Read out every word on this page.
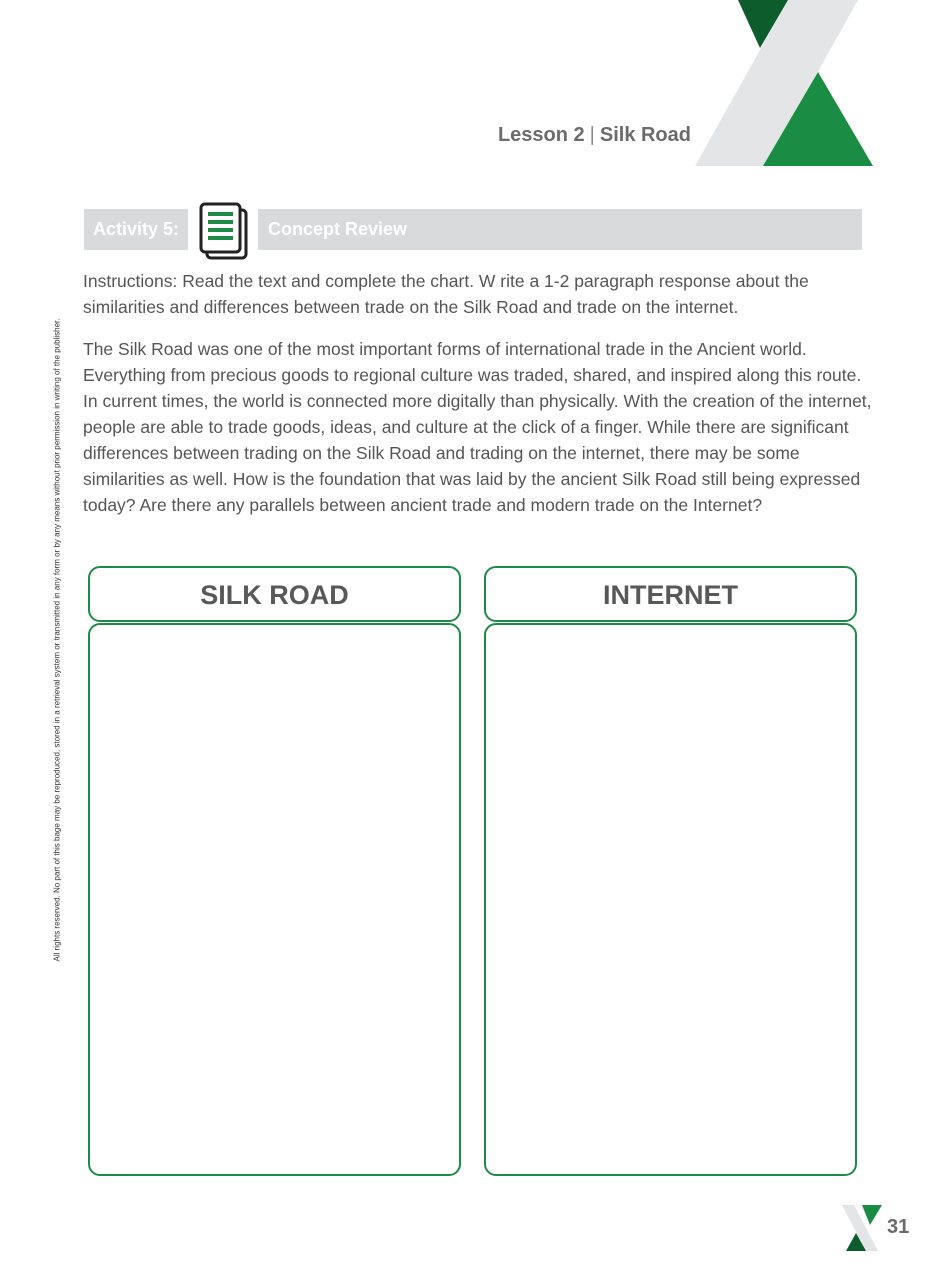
Lesson 2 | Silk Road
Activity 5:	Concept Review
All rights reserved. No part of this bage may be reproduced, stored in a retrieval system or transmitted in any form or by any means without prior permission in writing of the publisher.

Instructions: Read the text and complete the chart. W rite a 1-2 paragraph response about the similarities and differences between trade on the Silk Road and trade on the internet.

The Silk Road was one of the most important forms of international trade in the Ancient world. Everything from precious goods to regional culture was traded, shared, and inspired along this route. In current times, the world is connected more digitally than physically. With the creation of the internet, people are able to trade goods, ideas, and culture at the click of a finger. While there are significant differences between trading on the Silk Road and trading on the internet, there may be some similarities as well. How is the foundation that was laid by the ancient Silk Road still being expressed today? Are there any parallels between ancient trade and modern trade on the Internet?

SILK ROAD	INTERNET
31
